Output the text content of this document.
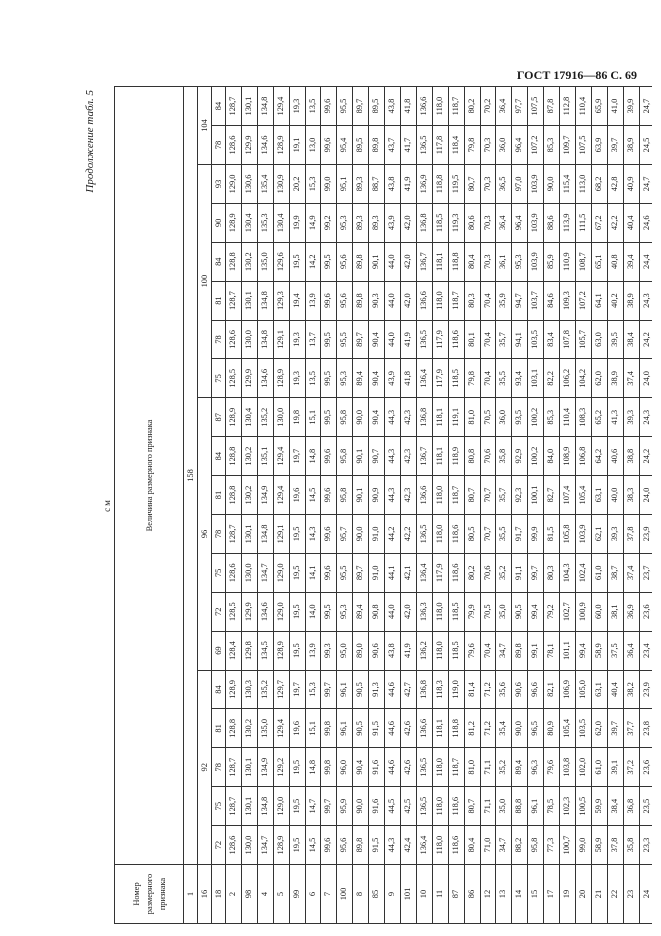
ГОСТ 17916—86 С. 69
Продолжение табл. 5
см
Номер размерного признака	Величина размерного признака																			
1	158																			
16	92					96							100						104	
18	72	75	78	81	84	69	72	75	78	81	84	87	75	78	81	84	90	93	78	84
2	128,6	128,7	128,7	128,8	128,9	128,4	128,5	128,6	128,7	128,8	128,8	128,9	128,5	128,6	128,7	128,8	128,9	129,0	128,6	128,7
98	130,0	130,1	130,1	130,2	130,3	129,8	129,9	130,0	130,1	130,2	130,2	130,4	129,9	130,0	130,1	130,2	130,4	130,6	129,9	130,1
4	134,7	134,8	134,9	135,0	135,2	134,5	134,6	134,7	134,8	134,9	135,1	135,2	134,6	134,8	134,8	135,0	135,3	135,4	134,6	134,8
5	128,9	129,0	129,2	129,4	129,7	128,9	129,0	129,0	129,1	129,4	129,4	130,0	128,9	129,1	129,3	129,6	130,4	130,9	128,9	129,4
99	19,5	19,5	19,5	19,6	19,7	19,5	19,5	19,5	19,5	19,6	19,7	19,8	19,3	19,3	19,4	19,5	19,9	20,2	19,1	19,3
6	14,5	14,7	14,8	15,1	15,3	13,9	14,0	14,1	14,3	14,5	14,8	15,1	13,5	13,7	13,9	14,2	14,9	15,3	13,0	13,5
7	99,6	99,7	99,8	99,8	99,7	99,3	99,5	99,6	99,6	99,6	99,6	99,5	99,5	99,5	99,6	99,5	99,2	99,0	99,6	99,6
100	95,6	95,9	96,0	96,1	96,1	95,0	95,3	95,5	95,7	95,8	95,8	95,8	95,3	95,5	95,6	95,6	95,3	95,1	95,4	95,5
8	89,8	90,0	90,4	90,5	90,5	89,0	89,4	89,7	90,0	90,1	90,1	90,0	89,4	89,7	89,8	89,8	89,3	89,3	89,5	89,7
85	91,5	91,6	91,6	91,5	91,3	90,6	90,8	91,0	91,0	90,9	90,7	90,4	90,4	90,4	90,3	90,1	89,3	88,7	89,8	89,5
9	44,3	44,5	44,6	44,6	44,6	43,8	44,0	44,1	44,2	44,3	44,3	44,3	43,9	44,0	44,0	44,0	43,9	43,8	43,7	43,8
101	42,4	42,5	42,6	42,6	42,7	41,9	42,0	42,1	42,2	42,3	42,3	42,3	41,8	41,9	42,0	42,0	42,0	41,9	41,7	41,8
10	136,4	136,5	136,5	136,6	136,8	136,2	136,3	136,4	136,5	136,6	136,7	136,8	136,4	136,5	136,6	136,7	136,8	136,9	136,5	136,6
11	118,0	118,0	118,0	118,1	118,3	118,0	118,0	117,9	118,0	118,0	118,1	118,1	117,9	117,9	118,0	118,1	118,5	118,8	117,8	118,0
87	118,6	118,6	118,7	118,8	119,0	118,5	118,5	118,6	118,6	118,7	118,9	119,1	118,5	118,6	118,7	118,8	119,3	119,5	118,4	118,7
86	80,4	80,7	81,0	81,2	81,4	79,6	79,9	80,2	80,5	80,7	80,8	81,0	79,8	80,1	80,3	80,4	80,6	80,7	79,8	80,2
12	71,0	71,1	71,1	71,2	71,2	70,4	70,5	70,6	70,7	70,7	70,6	70,5	70,4	70,4	70,4	70,3	70,3	70,3	70,3	70,2
13	34,7	35,0	35,2	35,4	35,6	34,7	35,0	35,2	35,5	35,7	35,8	36,0	35,5	35,7	35,9	36,1	36,4	36,5	36,0	36,4
14	88,2	88,8	89,4	90,0	90,6	89,8	90,5	91,1	91,7	92,3	92,9	93,5	93,4	94,1	94,7	95,3	96,4	97,0	96,4	97,7
15	95,8	96,1	96,3	96,5	96,6	99,1	99,4	99,7	99,9	100,1	100,2	100,2	103,1	103,5	103,7	103,9	103,9	103,9	107,2	107,5
17	77,3	78,5	79,6	80,9	82,1	78,1	79,2	80,3	81,5	82,7	84,0	85,3	82,2	83,4	84,6	85,9	88,6	90,0	85,3	87,8
19	100,7	102,3	103,8	105,4	106,9	101,1	102,7	104,3	105,8	107,4	108,9	110,4	106,2	107,8	109,3	110,9	113,9	115,4	109,7	112,8
20	99,0	100,5	102,0	103,5	105,0	99,4	100,9	102,4	103,9	105,4	106,8	108,3	104,2	105,7	107,2	108,7	111,5	113,0	107,5	110,4
21	58,9	59,9	61,0	62,0	63,1	58,9	60,0	61,0	62,1	63,1	64,2	65,2	62,0	63,0	64,1	65,1	67,2	68,2	63,9	65,9
22	37,8	38,4	39,1	39,7	40,4	37,5	38,1	38,7	39,3	40,0	40,6	41,3	38,9	39,5	40,2	40,8	42,2	42,8	39,7	41,0
23	35,8	36,8	37,2	37,7	38,2	36,4	36,9	37,4	37,8	38,3	38,8	39,3	37,4	38,4	38,9	39,4	40,4	40,9	38,9	39,9
24	23,3	23,5	23,6	23,8	23,9	23,4	23,6	23,7	23,9	24,0	24,2	24,3	24,0	24,2	24,3	24,4	24,6	24,7	24,5	24,7
